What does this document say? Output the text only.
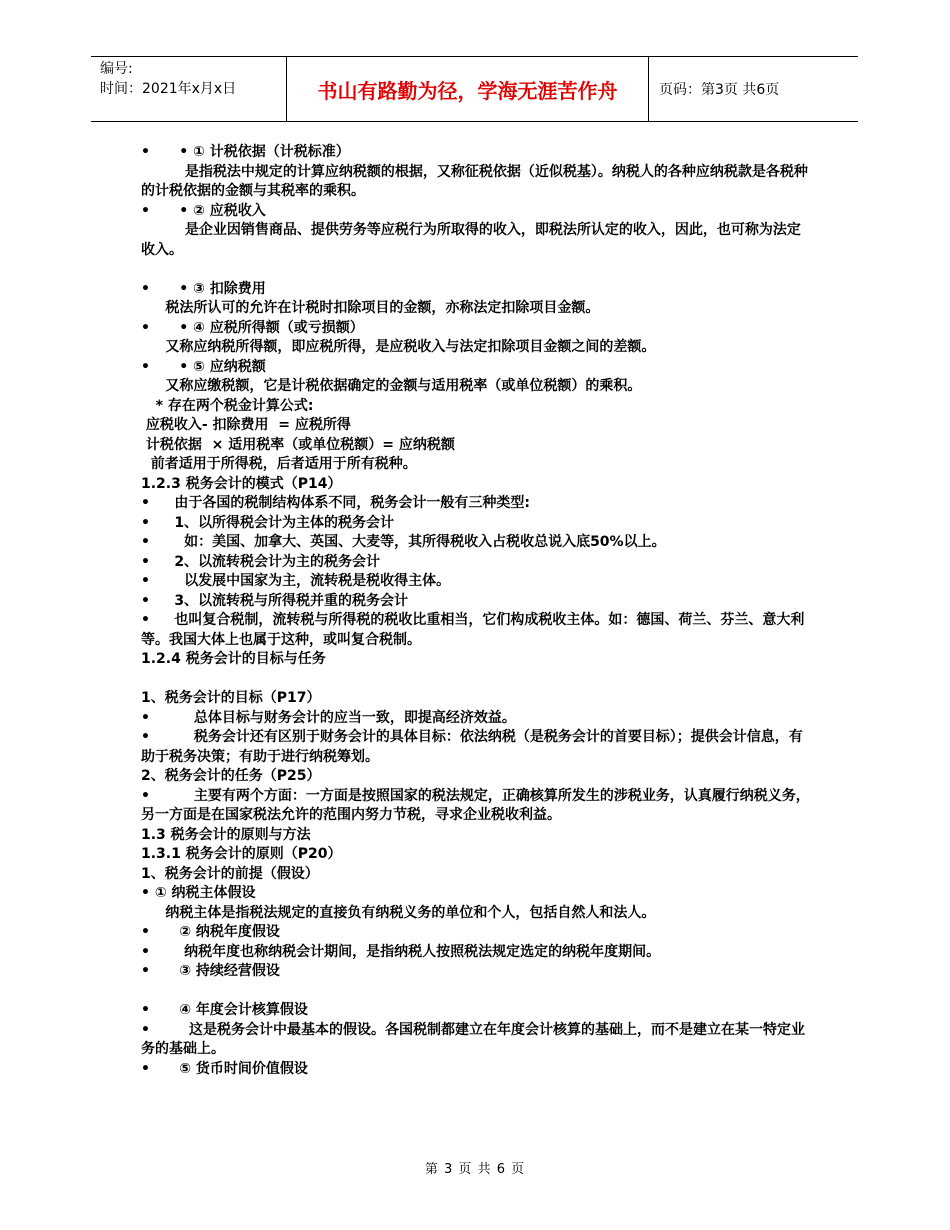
编号:
时间：2021年x月x日	书山有路勤为径，学海无涯苦作舟	页码：第3页 共6页

•      • ① 计税依据（计税标准）

是指税法中规定的计算应纳税额的根据，又称征税依据（近似税基）。纳税人的各种应纳税款是各税种的计税依据的金额与其税率的乘积。

•      • ② 应税收入

是企业因销售商品、提供劳务等应税行为所取得的收入，即税法所认定的收入，因此，也可称为法定收入。

•      • ③ 扣除费用

税法所认可的允许在计税时扣除项目的金额，亦称法定扣除项目金额。

•      • ④ 应税所得额（或亏损额）

又称应纳税所得额，即应税所得，是应税收入与法定扣除项目金额之间的差额。

•      • ⑤ 应纳税额

又称应缴税额，它是计税依据确定的金额与适用税率（或单位税额）的乘积。

* 存在两个税金计算公式:

应税收入- 扣除费用  = 应税所得

计税依据  × 适用税率（或单位税额）= 应纳税额

前者适用于所得税，后者适用于所有税种。

1.2.3 税务会计的模式（P14）

•     由于各国的税制结构体系不同，税务会计一般有三种类型:

•     1、以所得税会计为主体的税务会计

•       如：美国、加拿大、英国、大麦等，其所得税收入占税收总说入底50%以上。

•     2、以流转税会计为主的税务会计

•       以发展中国家为主，流转税是税收得主体。

•     3、以流转税与所得税并重的税务会计

•     也叫复合税制，流转税与所得税的税收比重相当，它们构成税收主体。如：德国、荷兰、芬兰、意大利等。我国大体上也属于这种，或叫复合税制。

1.2.4 税务会计的目标与任务

1、税务会计的目标（P17）

•         总体目标与财务会计的应当一致，即提高经济效益。

•         税务会计还有区别于财务会计的具体目标：依法纳税（是税务会计的首要目标）；提供会计信息，有助于税务决策；有助于进行纳税筹划。

2、税务会计的任务（P25）

•         主要有两个方面：一方面是按照国家的税法规定，正确核算所发生的涉税业务，认真履行纳税义务，另一方面是在国家税法允许的范围内努力节税，寻求企业税收利益。

1.3 税务会计的原则与方法

1.3.1 税务会计的原则（P20）

1、税务会计的前提（假设）

• ① 纳税主体假设

纳税主体是指税法规定的直接负有纳税义务的单位和个人，包括自然人和法人。

•      ② 纳税年度假设

•       纳税年度也称纳税会计期间，是指纳税人按照税法规定选定的纳税年度期间。

•      ③ 持续经营假设

•      ④ 年度会计核算假设

•        这是税务会计中最基本的假设。各国税制都建立在年度会计核算的基础上，而不是建立在某一特定业务的基础上。

•      ⑤ 货币时间价值假设

第 3 页 共 6 页
